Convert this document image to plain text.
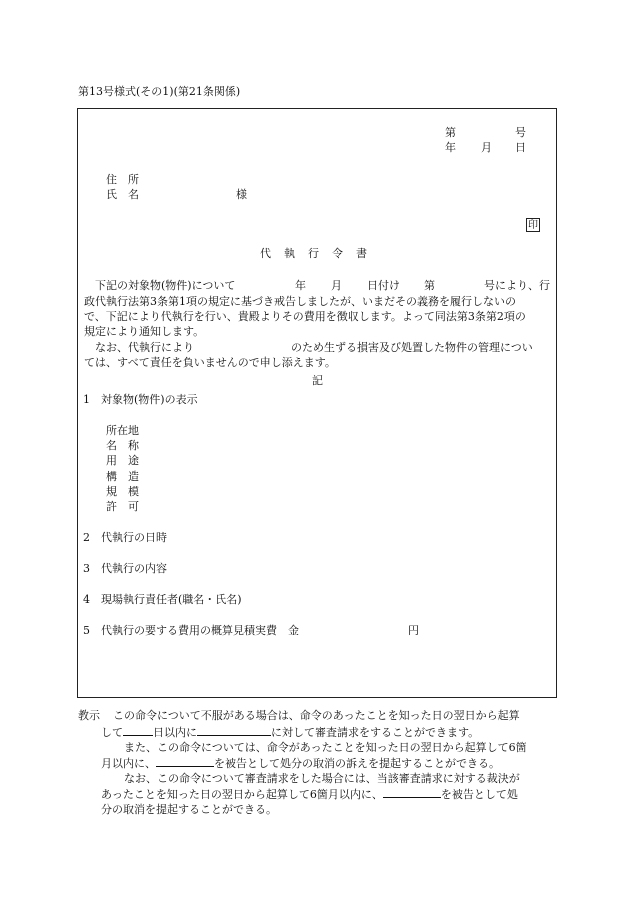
第13号様式(その1)(第21条関係)
第	号
年 月 日
住　所
氏　名	様
印
代　執　行　令　書
下記の対象物(物件)について	年 月 日付け 第	号により、行
政代執行法第3条第1項の規定に基づき戒告しましたが、いまだその義務を履行しないの
で、下記により代執行を行い、貴殿よりその費用を徴収します。よって同法第3条第2項の
規定により通知します。
なお、代執行により	のため生ずる損害及び処置した物件の管理につい
ては、すべて責任を負いませんので申し添えます。
記
1　対象物(物件)の表示
所在地
名　称
用　途
構　造
規　模
許　可
2　代執行の日時
3　代執行の内容
4　現場執行責任者(職名・氏名)
5　代執行の要する費用の概算見積実費　金	円
教示 この命令について不服がある場合は、命令のあったことを知った日の翌日から起算
して	日以内に	に対して審査請求をすることができます。
また、この命令については、命令があったことを知った日の翌日から起算して6箇
月以内に、	を被告として処分の取消の訴えを提起することができる。
なお、この命令について審査請求をした場合には、当該審査請求に対する裁決が
あったことを知った日の翌日から起算して6箇月以内に、	を被告として処
分の取消を提起することができる。
